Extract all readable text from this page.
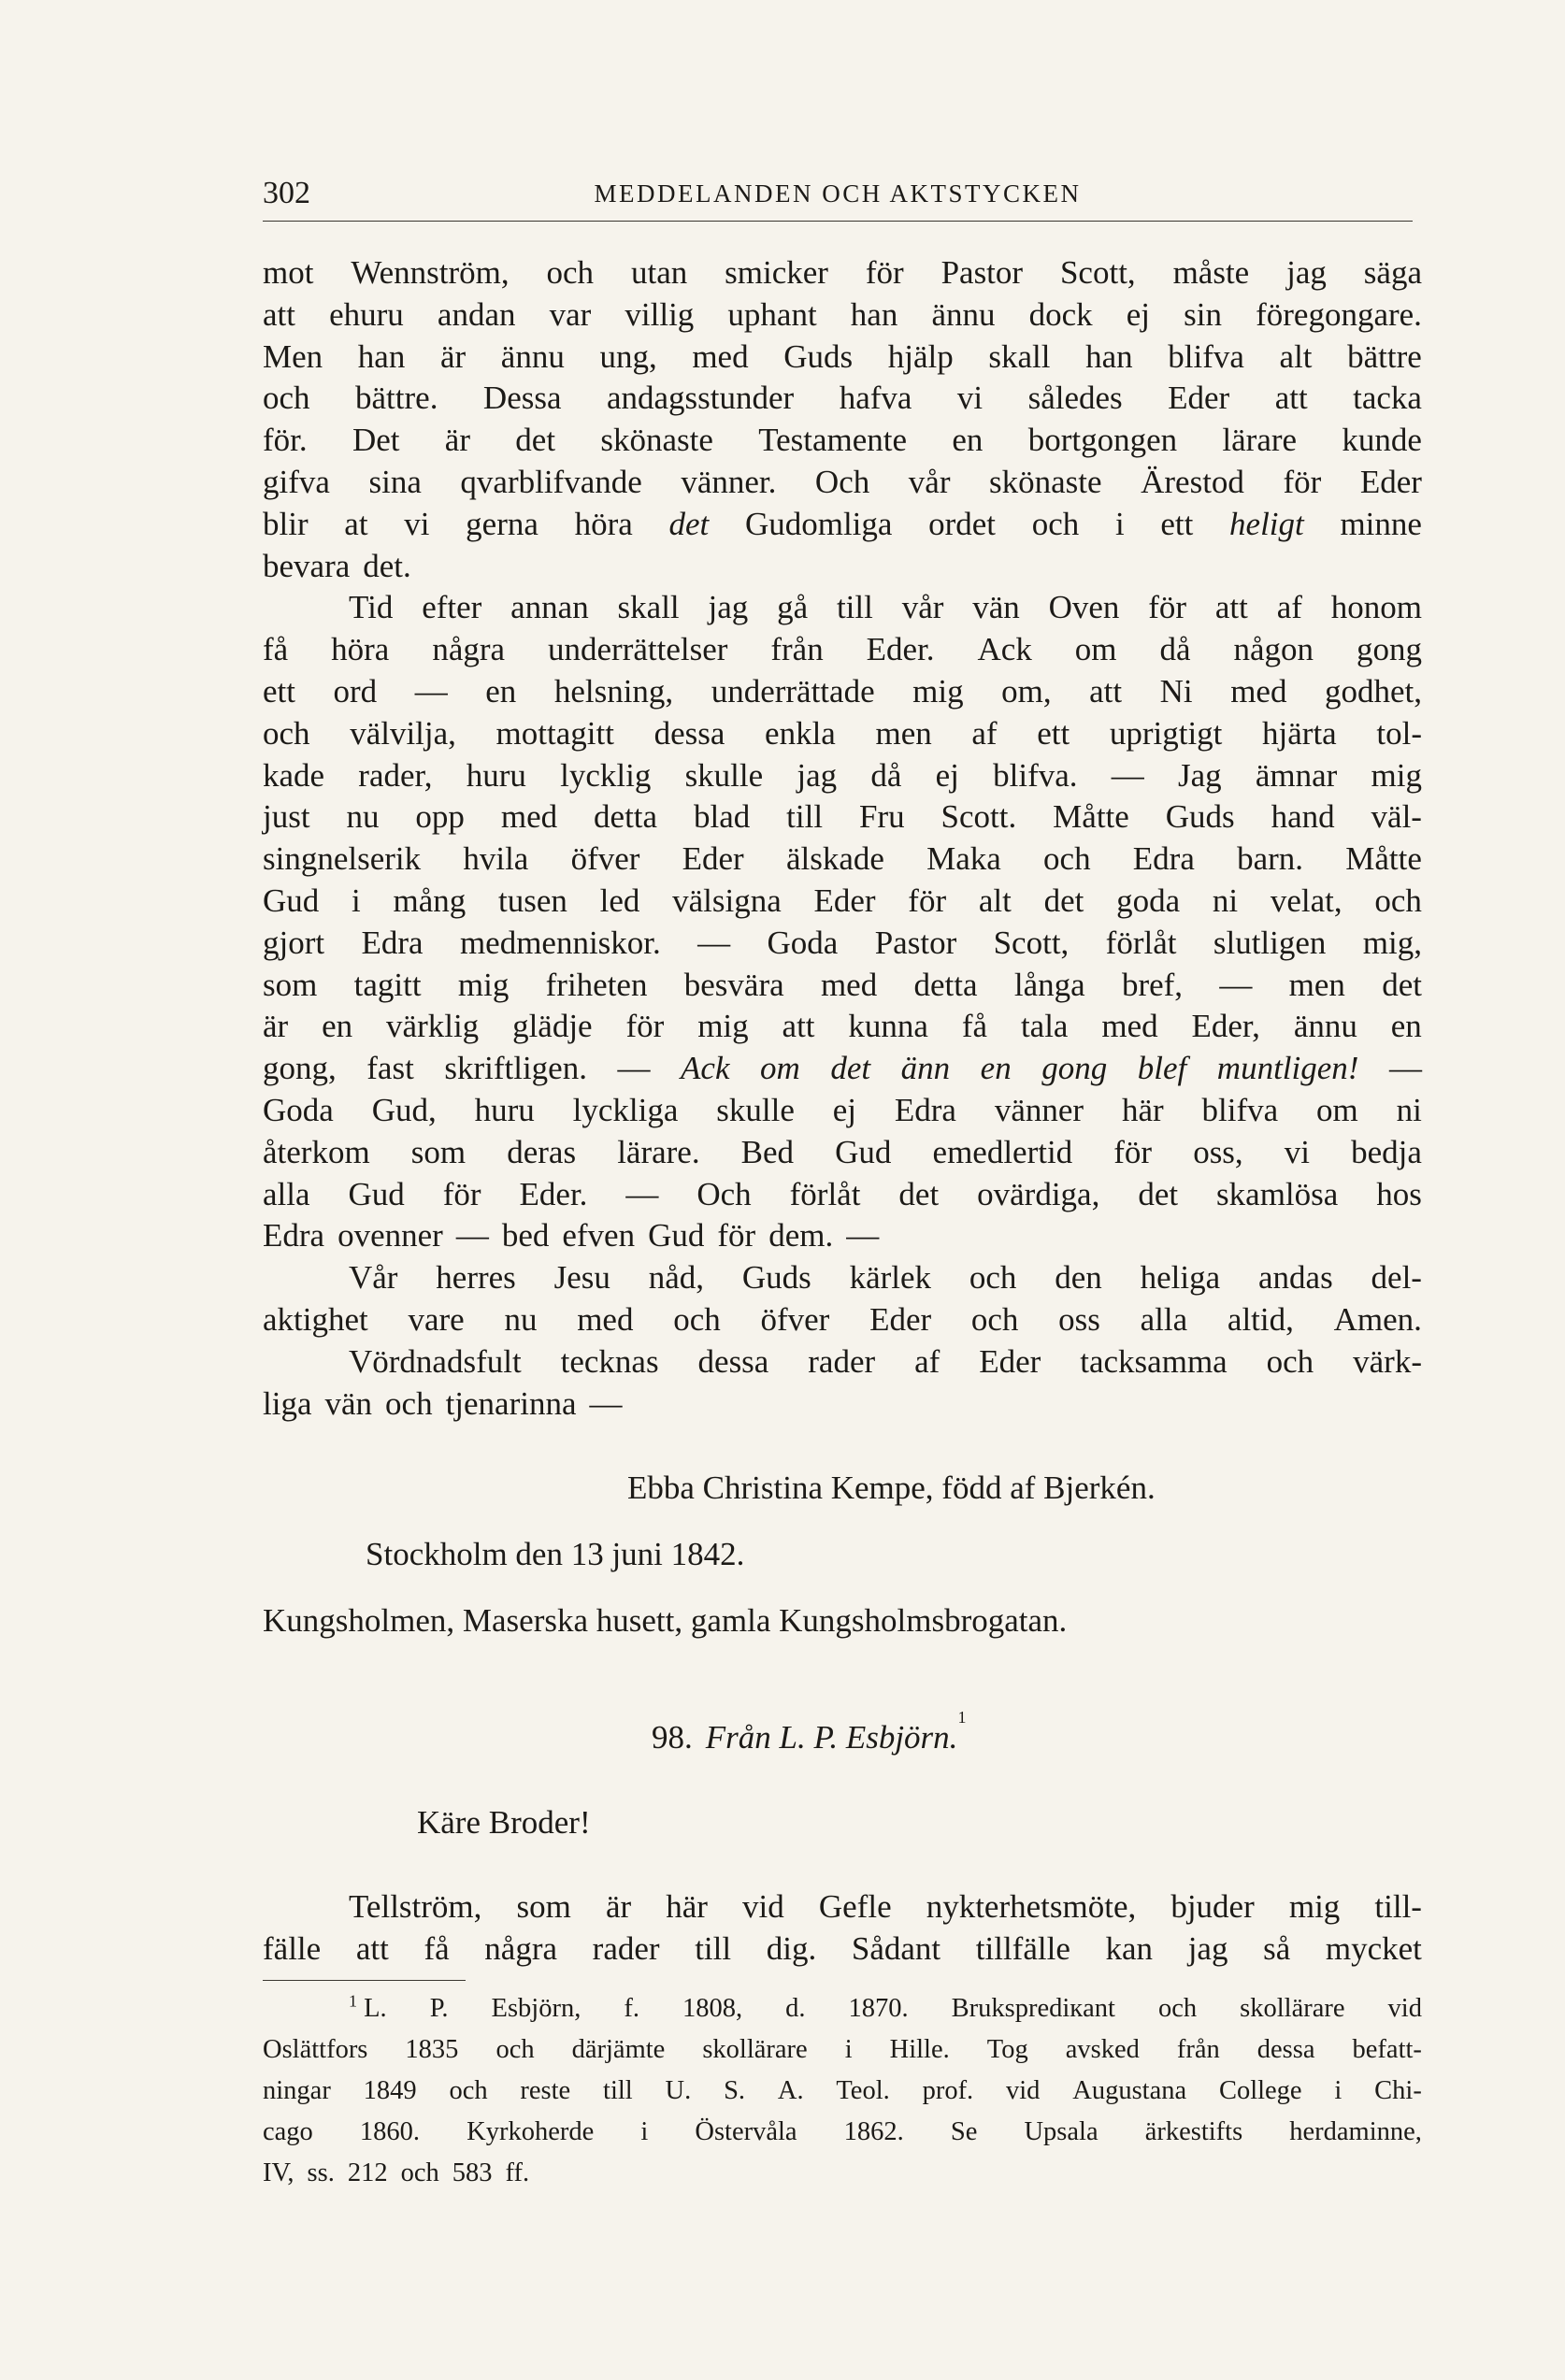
302	MEDDELANDEN OCH AKTSTYCKEN
mot Wennström, och utan smicker för Pastor Scott, måste jag säga
att ehuru andan var villig uphant han ännu dock ej sin föregongare.
Men han är ännu ung, med Guds hjälp skall han blifva alt bättre
och bättre. Dessa andagsstunder hafva vi således Eder att tacka
för. Det är det skönaste Testamente en bortgongen lärare kunde
gifva sina qvarblifvande vänner. Och vår skönaste Ärestod för Eder
blir at vi gerna höra det Gudomliga ordet och i ett heligt minne
bevara det.
Tid efter annan skall jag gå till vår vän Oven för att af honom
få höra några underrättelser från Eder. Ack om då någon gong
ett ord — en helsning, underrättade mig om, att Ni med godhet,
och välvilja, mottagitt dessa enkla men af ett uprigtigt hjärta tol-
kade rader, huru lycklig skulle jag då ej blifva. — Jag ämnar mig
just nu opp med detta blad till Fru Scott. Måtte Guds hand väl-
singnelserik hvila öfver Eder älskade Maka och Edra barn. Måtte
Gud i mång tusen led välsigna Eder för alt det goda ni velat, och
gjort Edra medmenniskor. — Goda Pastor Scott, förlåt slutligen mig,
som tagitt mig friheten besvära med detta långa bref, — men det
är en värklig glädje för mig att kunna få tala med Eder, ännu en
gong, fast skriftligen. — Ack om det änn en gong blef muntligen! —
Goda Gud, huru lyckliga skulle ej Edra vänner här blifva om ni
återkom som deras lärare. Bed Gud emedlertid för oss, vi bedja
alla Gud för Eder. — Och förlåt det ovärdiga, det skamlösa hos
Edra ovenner — bed efven Gud för dem. —
Vår herres Jesu nåd, Guds kärlek och den heliga andas del-
aktighet vare nu med och öfver Eder och oss alla altid, Amen.
Vördnadsfult tecknas dessa rader af Eder tacksamma och värk-
liga vän och tjenarinna —
Ebba Christina Kempe, född af Bjerkén.
Stockholm den 13 juni 1842.
Kungsholmen, Maserska husett, gamla Kungsholmsbrogatan.
98. Från L. P. Esbjörn.
1
Käre Broder!
Tellström, som är här vid Gefle nykterhetsmöte, bjuder mig till-
fälle att få några rader till dig. Sådant tillfälle kan jag så mycket
$^1$ L. P. Esbjörn, f. 1808, d. 1870. Bruksprediкant och skollärare vid
Oslättfors 1835 och därjämte skollärare i Hille. Tog avsked från dessa befatt-
ningar 1849 och reste till U. S. A. Teol. prof. vid Augustana College i Chi-
cago 1860. Kyrkoherde i Östervåla 1862. Se Upsala ärkestifts herdaminne,
IV, ss. 212 och 583 ff.
